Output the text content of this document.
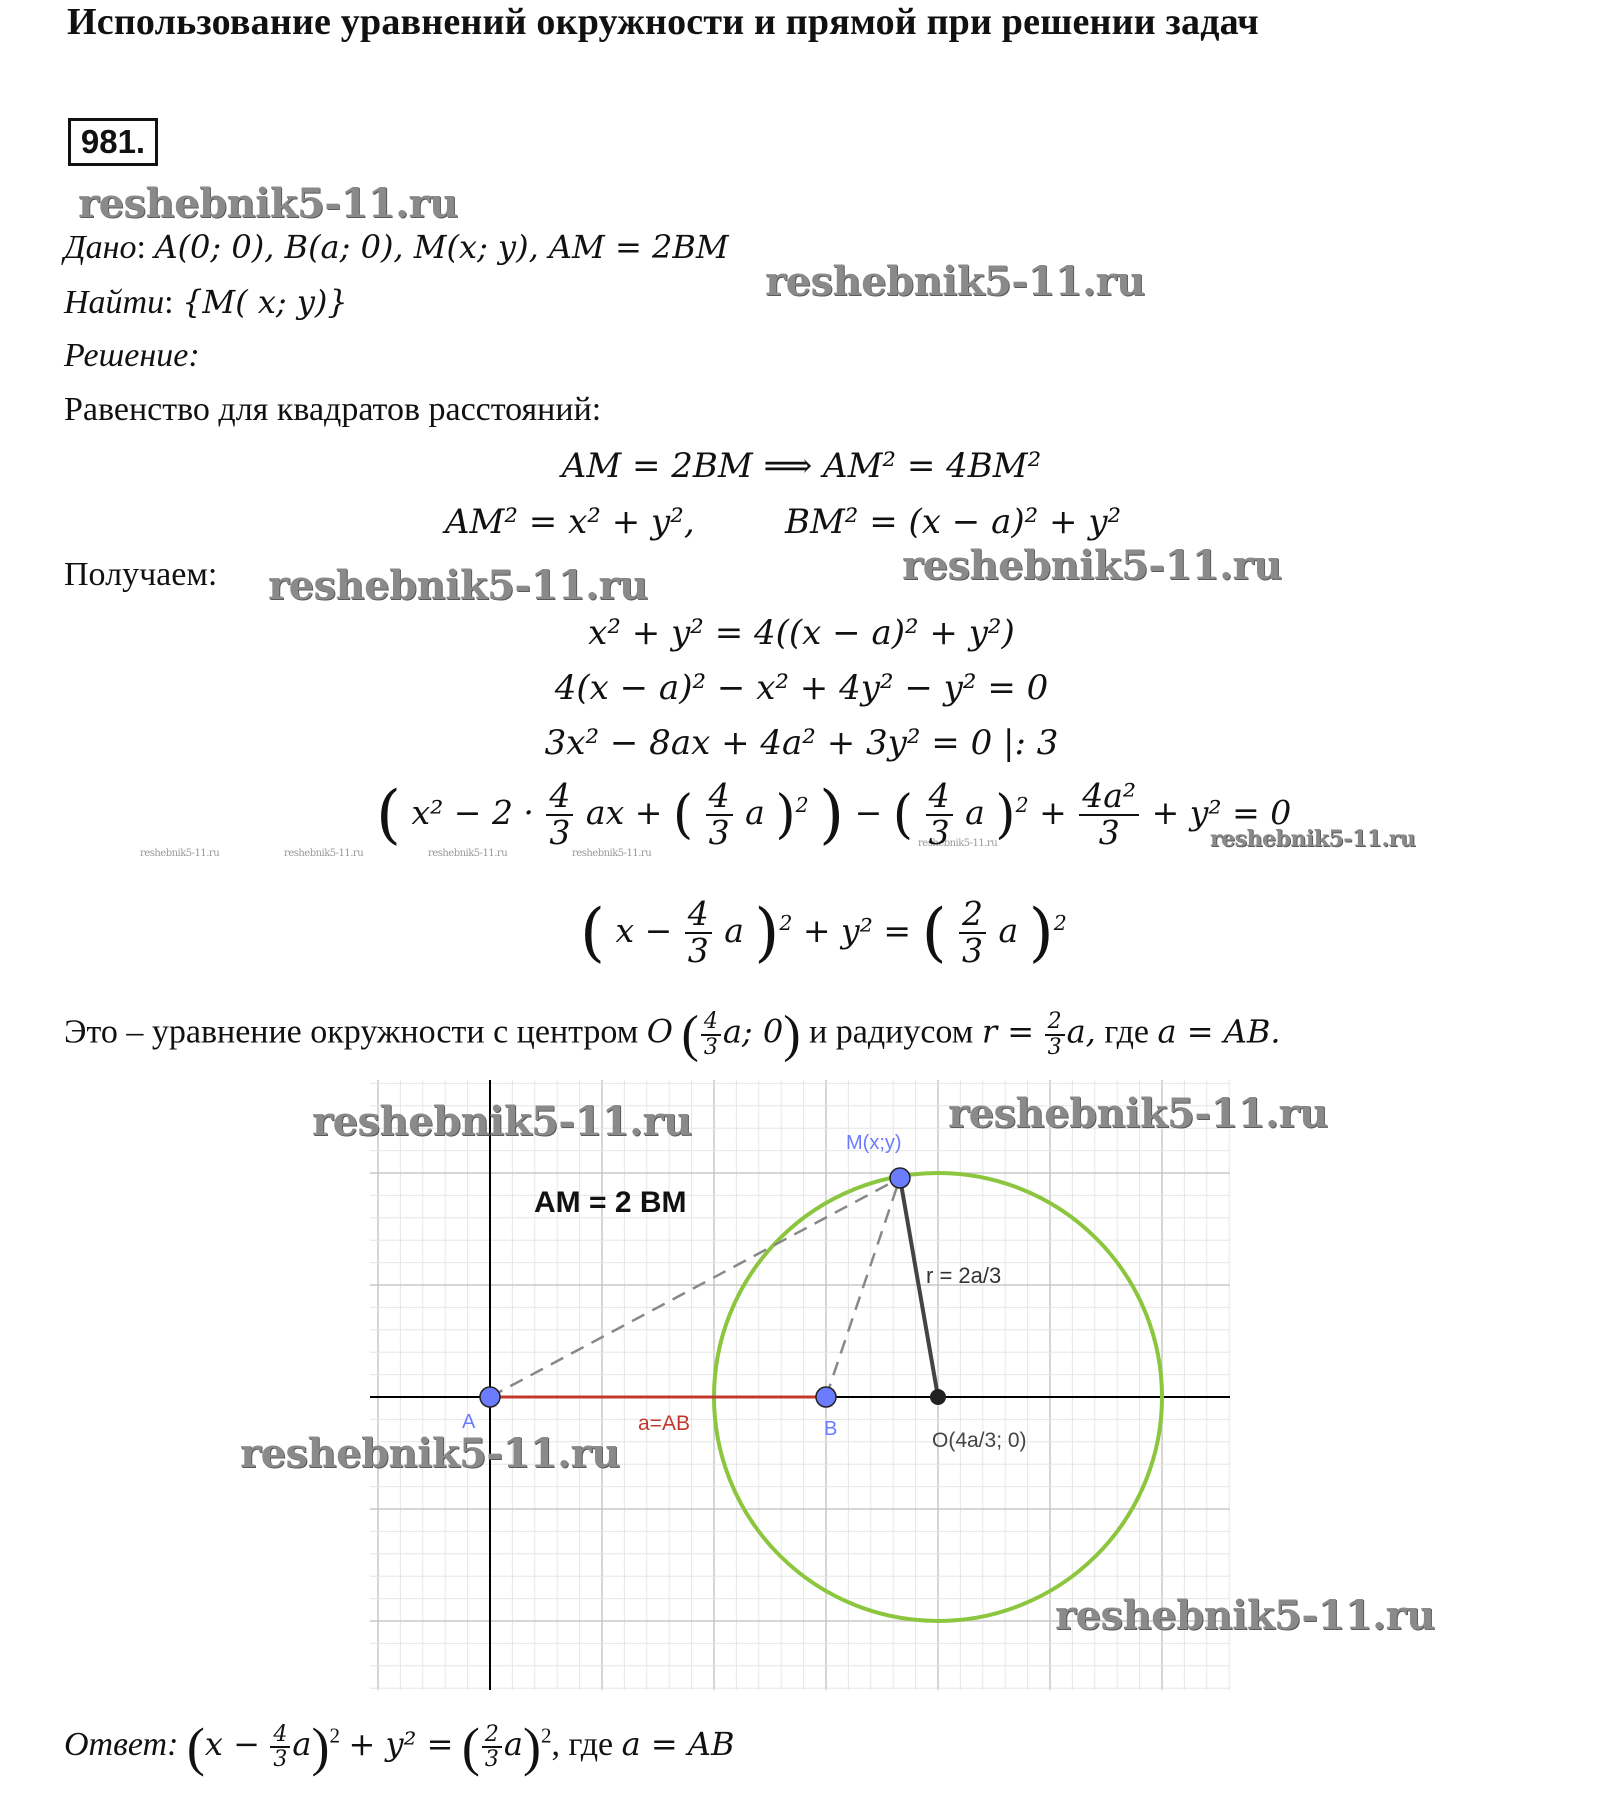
Использование уравнений окружности и прямой при решении задач
981.
reshebnik5-11.ru
reshebnik5-11.ru
reshebnik5-11.ru	reshebnik5-11.ru
reshebnik5-11.ru
reshebnik5-11.ru	reshebnik5-11.ru	reshebnik5-11.ru	reshebnik5-11.ru
reshebnik5-11.ru
Дано: A(0; 0), B(a; 0), M(x; y), AM = 2BM
Найти: {M( x; y)}
Решение:
Равенство для квадратов расстояний:
AM = 2BM ⟹ AM² = 4BM²
AM² = x² + y²,	BM² = (x − a)² + y²
Получаем:
x² + y² = 4((x − a)² + y²)
4(x − a)² − x² + 4y² − y² = 0
3x² − 8ax + 4a² + 3y² = 0 |: 3
( $x^2 - 2 \cdot \frac{4}{3}$ ax + ( $\frac{4}{3}$ a )$^2$ ) − ( $\frac{4}{3}$ a )$^2 + \frac{\text{4a²}}{3} + y^2 = 0$
( $x - \frac{4}{3}$ a )$^2$ + y² = ( $\frac{2}{3}$ a )$^2$
Это – уравнение окружности с центром O ( $\frac{4}{3} a$; 0) и радиусом $r = \frac{2}{3} a$, где a = AB.
M(x;y)
A	B	O(4a/3; 0)
r = 2a/3
a=AB
AM = 2 BM
reshebnik5-11.ru	reshebnik5-11.ru
reshebnik5-11.ru
reshebnik5-11.ru
Ответ: $(x - \frac{4}{3} a)^2 + y^2$ = ( $\frac{2}{3} a)^2$, где a = AB
